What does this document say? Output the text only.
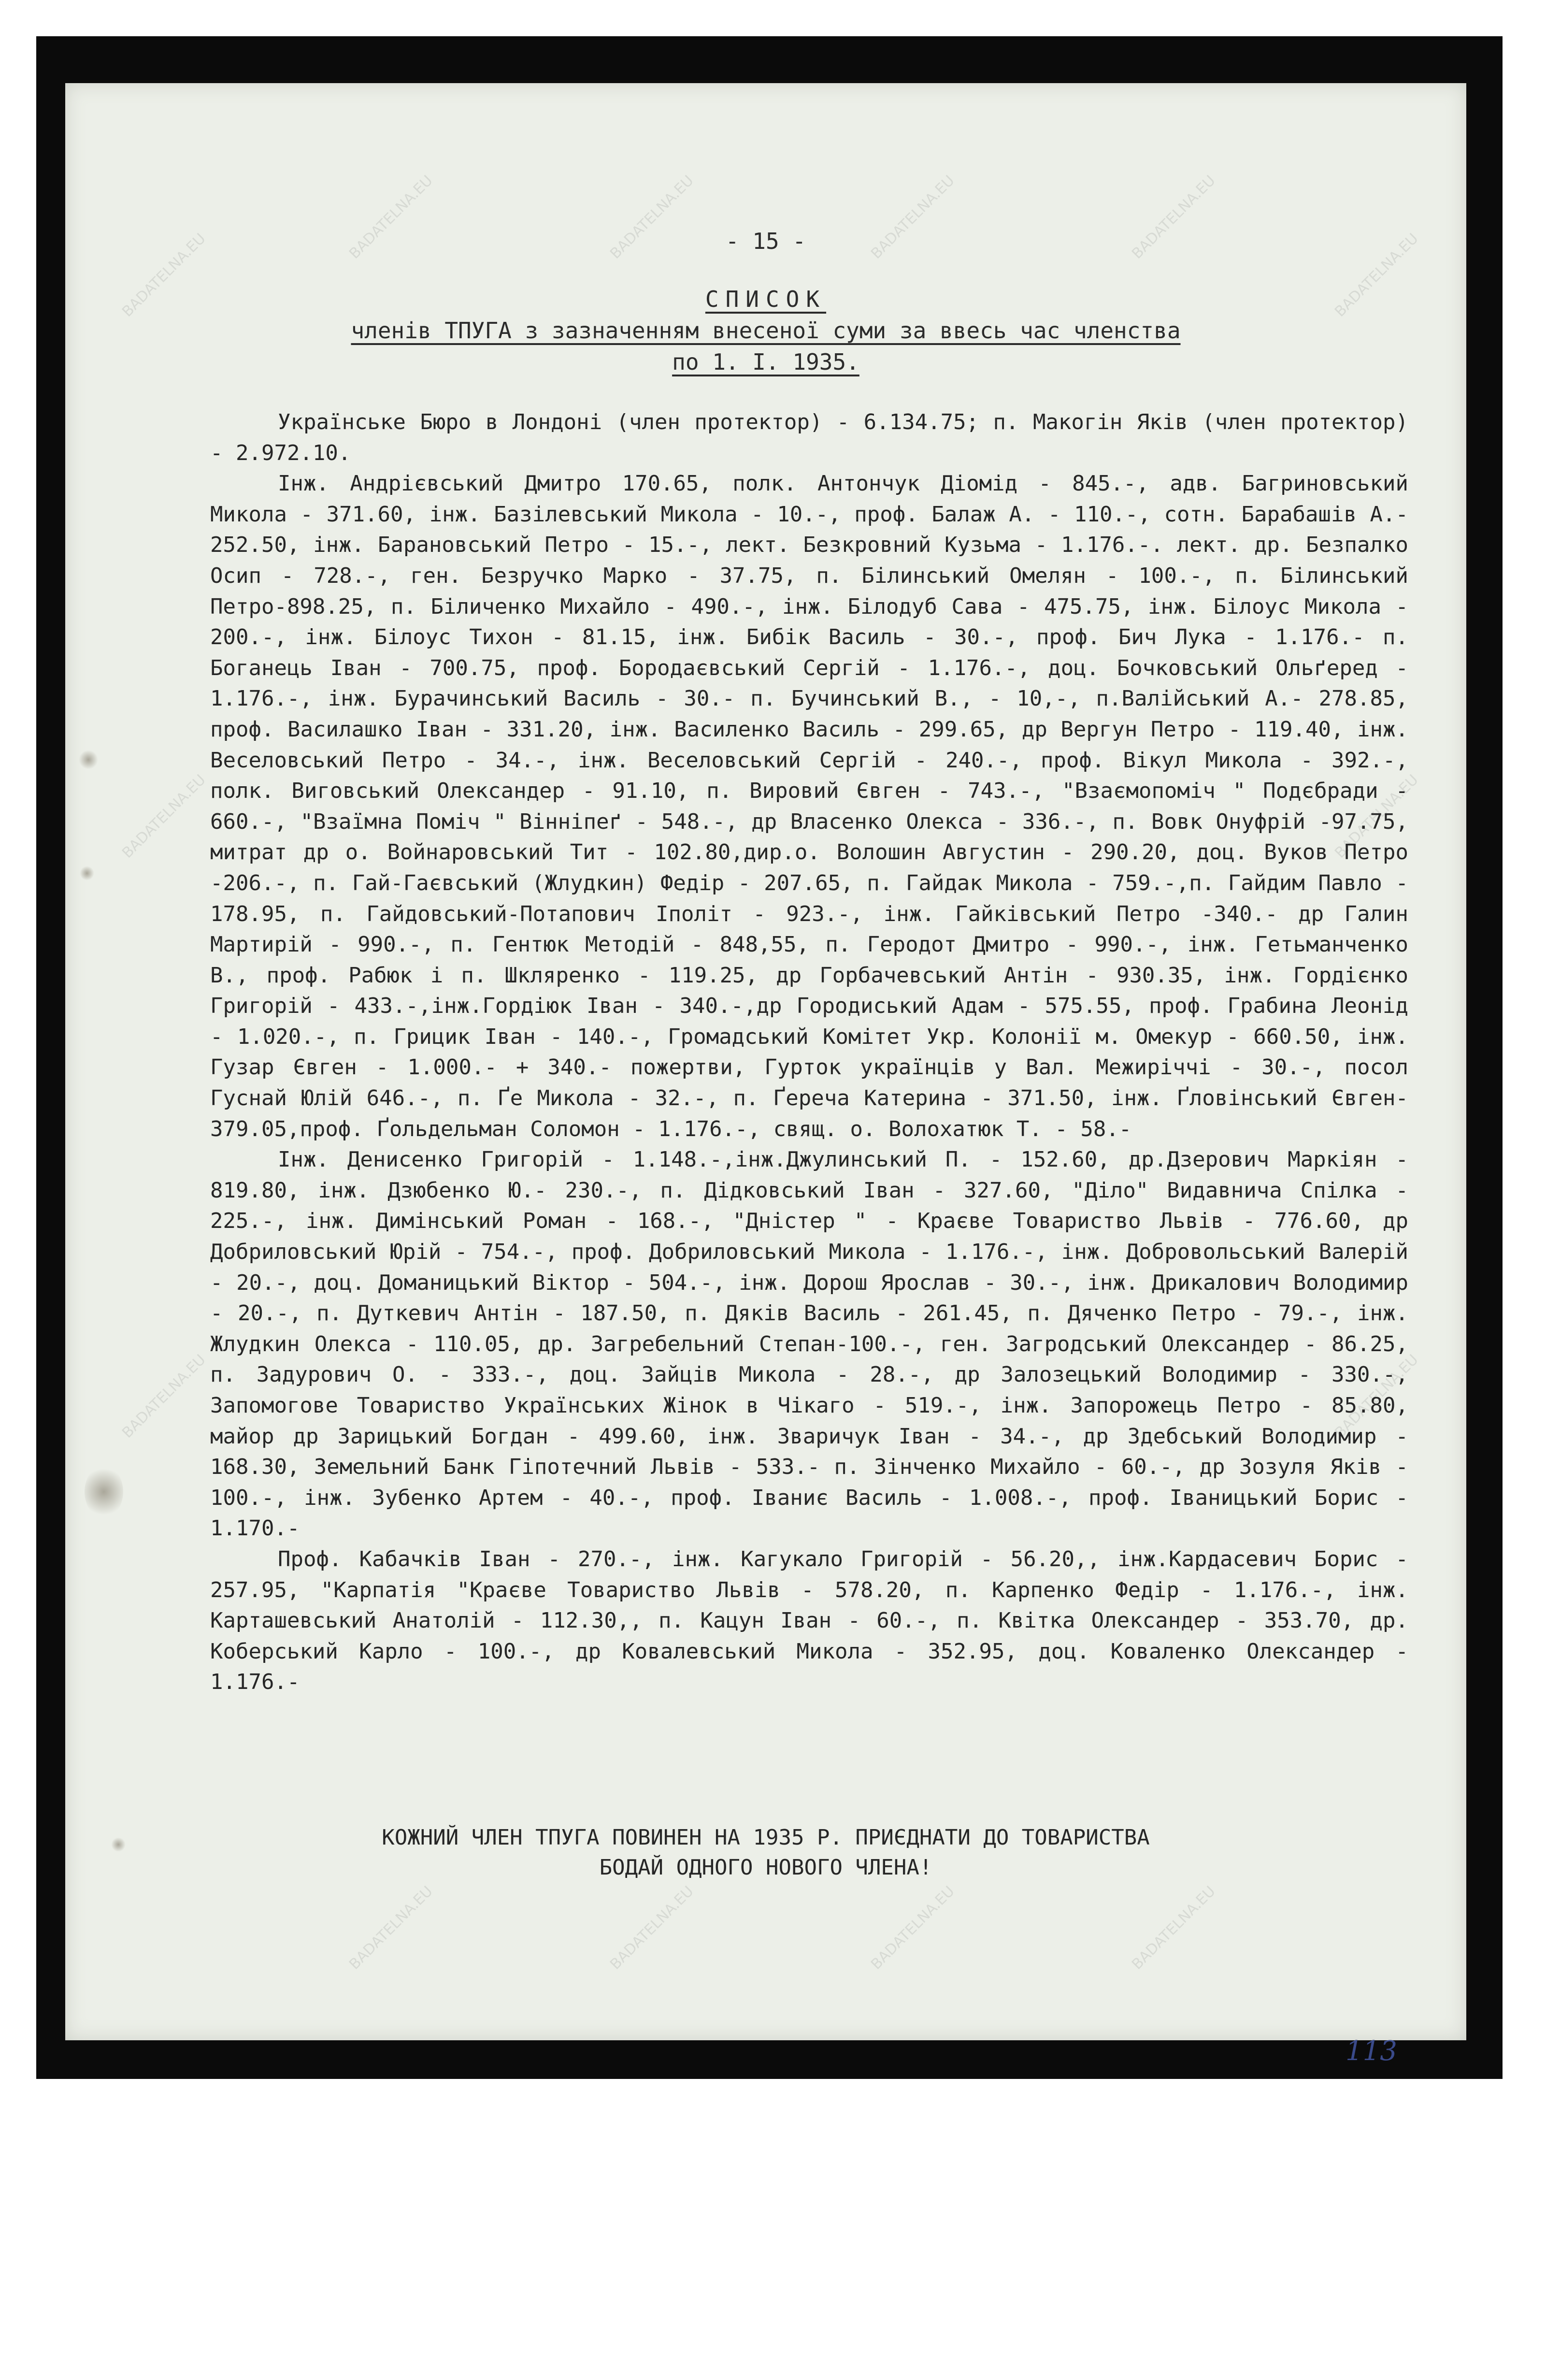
BADATELNA.EU
BADATELNA.EU	BADATELNA.EU	BADATELNA.EU	BADATELNA.EU
BADATELNA.EU
BADATELNA.EU	BADATELNA.EU
BADATELNA.EU	BADATELNA.EU
BADATELNA.EU	BADATELNA.EU	BADATELNA.EU	BADATELNA.EU
- 15 -
СПИСОК
членів ТПУГА з зазначенням внесеної суми за ввесь час членства
по 1. І. 1935.

Українське Бюро в Лондоні (член протектор) - 6.134.75; п. Макогін Яків (член протектор) - 2.972.10.

Інж. Андрієвський Дмитро 170.65, полк. Антончук Діомід - 845.-, адв. Багриновський Микола - 371.60, інж. Базілевський Микола - 10.-, проф. Балаж А. - 110.-, сотн. Барабашів А.- 252.50, інж. Барановський Петро - 15.-, лект. Безкровний Кузьма - 1.176.-. лект. др. Безпалко Осип - 728.-, ген. Безручко Марко - 37.75, п. Білинський Омелян - 100.-, п. Білинський Петро-898.25, п. Біличенко Михайло - 490.-, інж. Білодуб Сава - 475.75, інж. Білоус Микола - 200.-, інж. Білоус Тихон - 81.15, інж. Бибік Василь - 30.-, проф. Бич Лука - 1.176.- п. Боганець Іван - 700.75, проф. Бородаєвський Сергій - 1.176.-, доц. Бочковський Ольґеред - 1.176.-, інж. Бурачинський Василь - 30.- п. Бучинський В., - 10,-, п.Валійський А.- 278.85, проф. Василашко Іван - 331.20, інж. Василенко Василь - 299.65, др Вергун Петро - 119.40, інж. Веселовський Петро - 34.-, інж. Веселовський Сергій - 240.-, проф. Вікул Микола - 392.-, полк. Виговський Олександер - 91.10, п. Вировий Євген - 743.-, "Взаємопоміч " Подєбради - 660.-, "Взаїмна Поміч " Вінніпеґ - 548.-, др Власенко Олекса - 336.-, п. Вовк Онуфрій -97.75, митрат др о. Войнаровський Тит - 102.80,дир.о. Волошин Августин - 290.20, доц. Вуков Петро -206.-, п. Гай-Гаєвський (Жлудкин) Федір - 207.65, п. Гайдак Микола - 759.-,п. Гайдим Павло - 178.95, п. Гайдовський-Потапович Іполіт - 923.-, інж. Гайківський Петро -340.- др Галин Мартирій - 990.-, п. Гентюк Методій - 848,55, п. Геродот Дмитро - 990.-, інж. Гетьманченко В., проф. Рабюк і п. Шкляренко - 119.25, др Горбачевський Антін - 930.35, інж. Гордієнко Григорій - 433.-,інж.Гордіюк Іван - 340.-,др Городиський Адам - 575.55, проф. Грабина Леонід - 1.020.-, п. Грицик Іван - 140.-, Громадський Комітет Укр. Колонії м. Омекур - 660.50, інж. Гузар Євген - 1.000.- + 340.- пожертви, Гурток українців у Вал. Межиріччі - 30.-, посол Гуснай Юлій 646.-, п. Ґе Микола - 32.-, п. Ґереча Катерина - 371.50, інж. Ґловінський Євген- 379.05,проф. Ґольдельман Соломон - 1.176.-, свящ. о. Волохатюк Т. - 58.-

Інж. Денисенко Григорій - 1.148.-,інж.Джулинський П. - 152.60, др.Дзерович Маркіян - 819.80, інж. Дзюбенко Ю.- 230.-, п. Дідковський Іван - 327.60, "Діло" Видавнича Спілка - 225.-, інж. Димінський Роман - 168.-, "Дністер " - Краєве Товариство Львів - 776.60, др Добриловський Юрій - 754.-, проф. Добриловський Микола - 1.176.-, інж. Добровольський Валерій - 20.-, доц. Доманицький Віктор - 504.-, інж. Дорош Ярослав - 30.-, інж. Дрикалович Володимир - 20.-, п. Дуткевич Антін - 187.50, п. Дяків Василь - 261.45, п. Дяченко Петро - 79.-, інж. Жлудкин Олекса - 110.05, др. Загребельний Степан-100.-, ген. Загродський Олександер - 86.25, п. Задурович О. - 333.-, доц. Зайців Микола - 28.-, др Залозецький Володимир - 330.-, Запомогове Товариство Українських Жінок в Чікаго - 519.-, інж. Запорожець Петро - 85.80, майор др Зарицький Богдан - 499.60, інж. Зваричук Іван - 34.-, др Здебський Володимир - 168.30, Земельний Банк Гіпотечний Львів - 533.- п. Зінченко Михайло - 60.-, др Зозуля Яків - 100.-, інж. Зубенко Артем - 40.-, проф. Іваниє Василь - 1.008.-, проф. Іваницький Борис - 1.170.-

Проф. Кабачків Іван - 270.-, інж. Кагукало Григорій - 56.20,, інж.Кардасевич Борис - 257.95, "Карпатія "Краєве Товариство Львів - 578.20, п. Карпенко Федір - 1.176.-, інж. Карташевський Анатолій - 112.30,, п. Кацун Іван - 60.-, п. Квітка Олександер - 353.70, др. Коберський Карло - 100.-, др Ковалевський Микола - 352.95, доц. Коваленко Олександер - 1.176.-

КОЖНИЙ ЧЛЕН ТПУГА ПОВИНЕН НА 1935 Р. ПРИЄДНАТИ ДО ТОВАРИСТВА
БОДАЙ ОДНОГО НОВОГО ЧЛЕНА!
113
